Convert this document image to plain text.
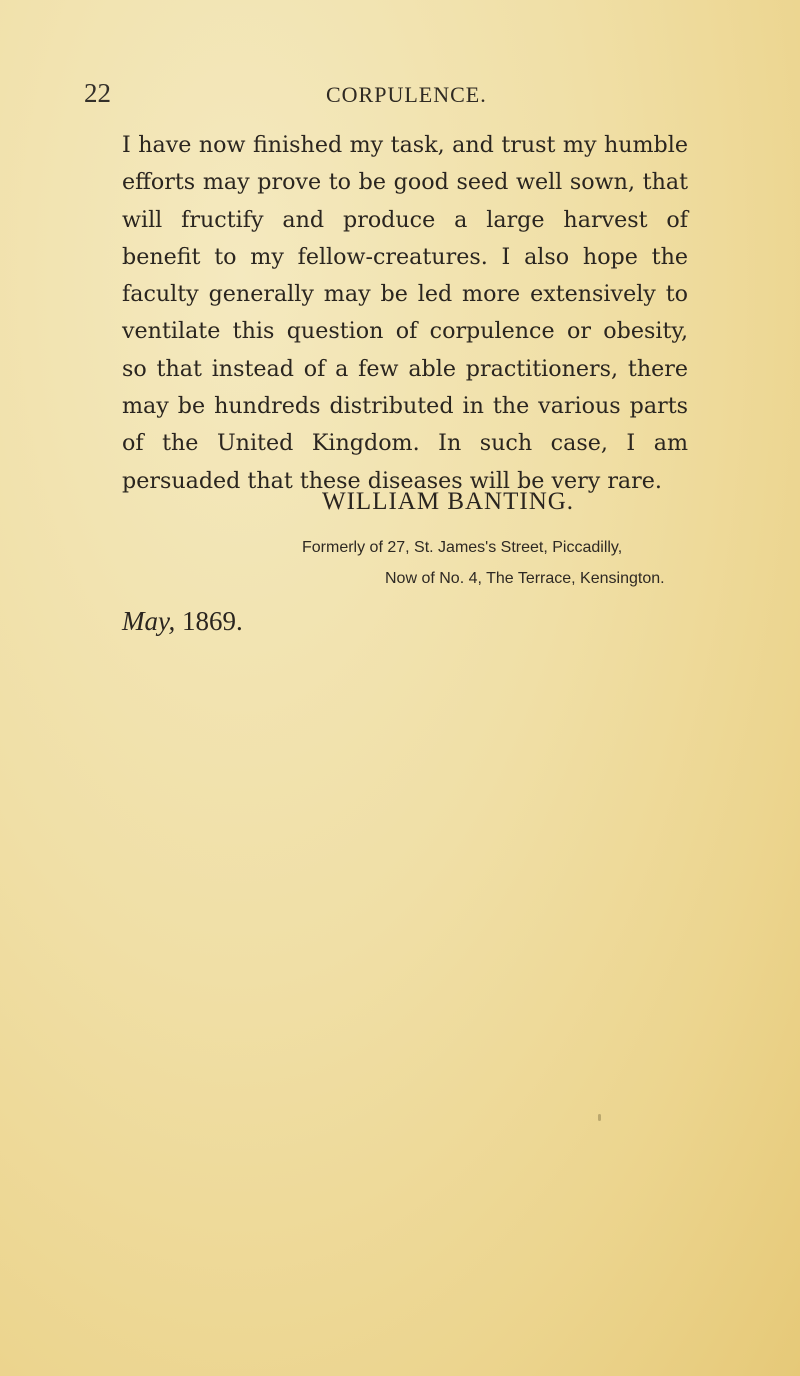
22	CORPULENCE.

I have now finished my task, and trust my humble efforts may prove to be good seed well sown, that will fructify and produce a large harvest of benefit to my fellow-creatures. I also hope the faculty generally may be led more extensively to ventilate this question of corpulence or obesity, so that instead of a few able practitioners, there may be hundreds distributed in the various parts of the United Kingdom. In such case, I am persuaded that these diseases will be very rare.

WILLIAM BANTING.
Formerly of 27, St. James's Street, Piccadilly,
Now of No. 4, The Terrace, Kensington.
May, 1869.
